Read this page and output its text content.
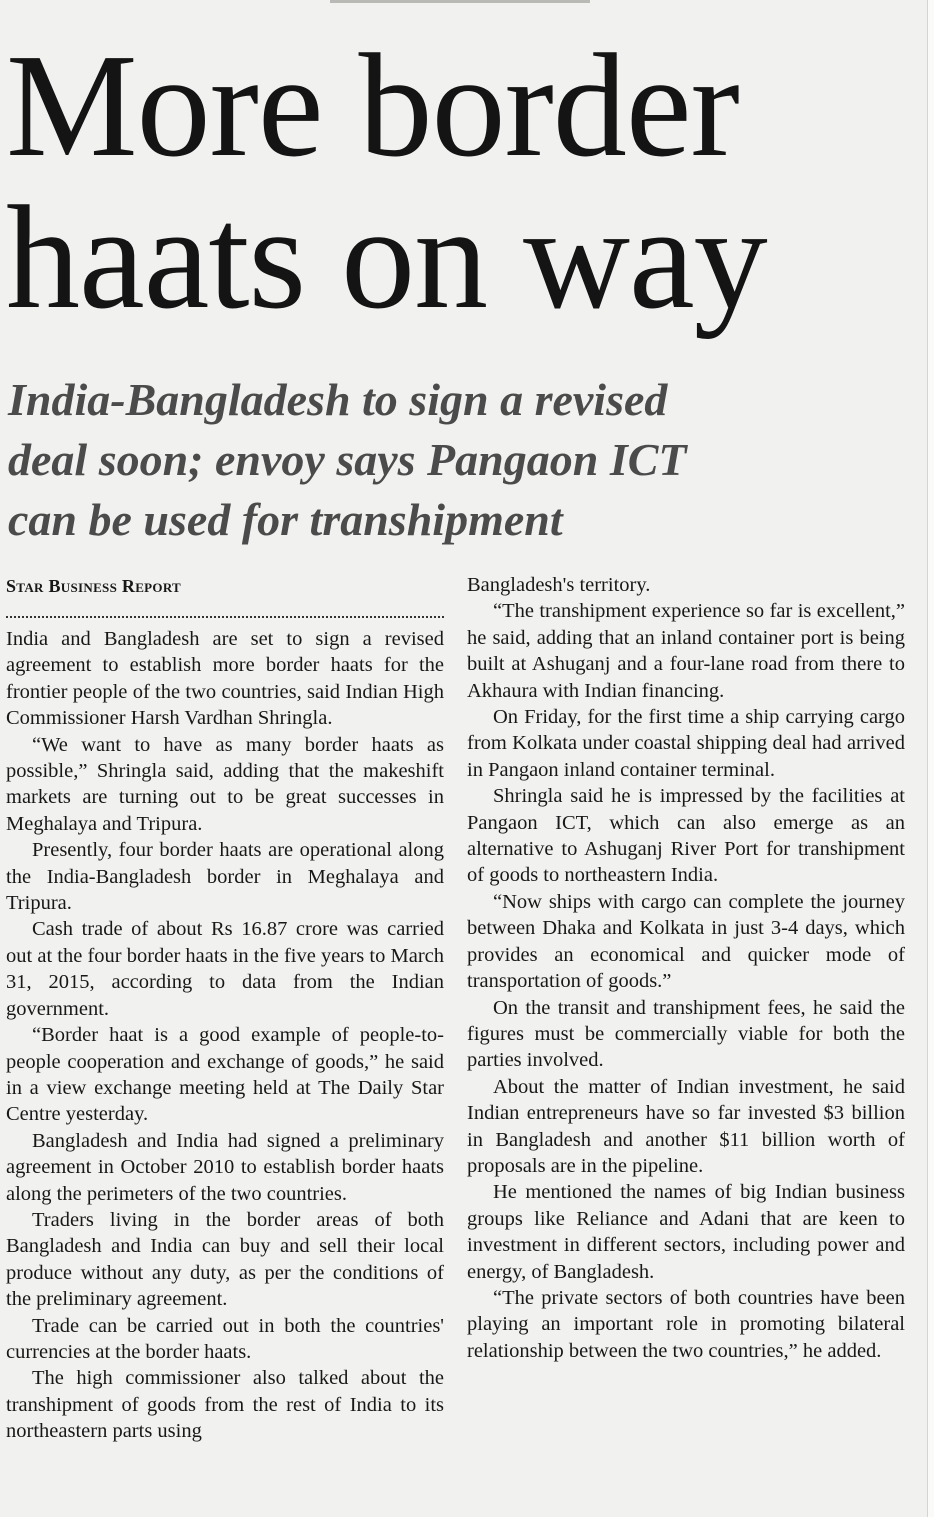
More border
haats on way
India-Bangladesh to sign a revised
deal soon; envoy says Pangaon ICT
can be used for transhipment
Star Business Report

India and Bangladesh are set to sign a revised agreement to establish more border haats for the frontier people of the two countries, said Indian High Commissioner Harsh Vardhan Shringla.

“We want to have as many border haats as possible,” Shringla said, adding that the makeshift markets are turning out to be great successes in Meghalaya and Tripura.

Presently, four border haats are operational along the India-Bangladesh border in Meghalaya and Tripura.

Cash trade of about Rs 16.87 crore was carried out at the four border haats in the five years to March 31, 2015, according to data from the Indian government.

“Border haat is a good example of people-to-people cooperation and exchange of goods,” he said in a view exchange meeting held at The Daily Star Centre yesterday.

Bangladesh and India had signed a preliminary agreement in October 2010 to establish border haats along the perimeters of the two countries.

Traders living in the border areas of both Bangladesh and India can buy and sell their local produce without any duty, as per the conditions of the preliminary agreement.

Trade can be carried out in both the countries' currencies at the border haats.

The high commissioner also talked about the transhipment of goods from the rest of India to its northeastern parts using

Bangladesh's territory.

“The transhipment experience so far is excellent,” he said, adding that an inland container port is being built at Ashuganj and a four-lane road from there to Akhaura with Indian financing.

On Friday, for the first time a ship carrying cargo from Kolkata under coastal shipping deal had arrived in Pangaon inland container terminal.

Shringla said he is impressed by the facilities at Pangaon ICT, which can also emerge as an alternative to Ashuganj River Port for transhipment of goods to northeastern India.

“Now ships with cargo can complete the journey between Dhaka and Kolkata in just 3-4 days, which provides an economical and quicker mode of transportation of goods.”

On the transit and transhipment fees, he said the figures must be commercially viable for both the parties involved.

About the matter of Indian investment, he said Indian entrepreneurs have so far invested $3 billion in Bangladesh and another $11 billion worth of proposals are in the pipeline.

He mentioned the names of big Indian business groups like Reliance and Adani that are keen to investment in different sectors, including power and energy, of Bangladesh.

“The private sectors of both countries have been playing an important role in promoting bilateral relationship between the two countries,” he added.
